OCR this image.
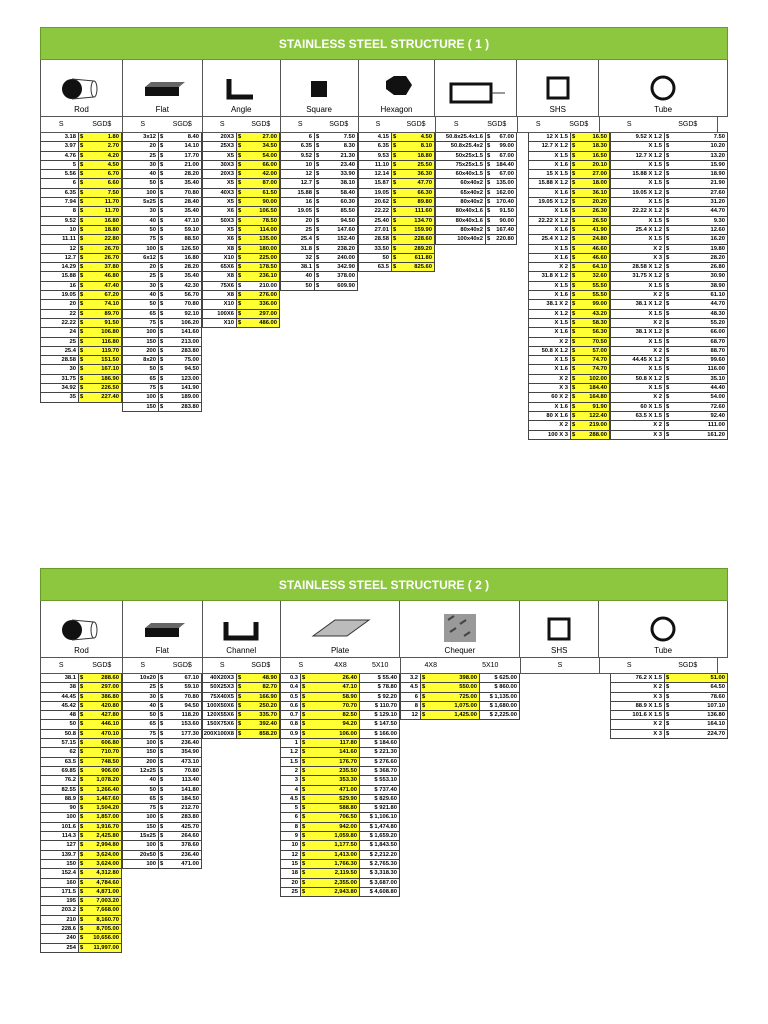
STAINLESS STEEL STRUCTURE ( 1 )
Rod	Flat	Angle	Square	Hexagon	SHS	Tube
S	SGD$	S	SGD$	S	SGD$	S	SGD$	S	SGD$	S	SGD$	S	SGD$	S	SGD$
3.18 $	1.80
3.97 $	2.70
4.76 $	4.20
5 $	4.50
5.56 $	6.70
6 $	6.60
6.35 $	7.50
7.94 $	11.70
8 $	11.70
9.52 $	16.80
10 $	18.80
11.11 $	22.80
12 $	26.70
12.7 $	26.70
14.29 $	37.80
15.88 $	46.80
16 $	47.40
19.05 $	67.20
20 $	74.10
22 $	89.70
22.22 $	91.50
24 $	106.80
25 $	116.80
25.4 $	119.70
28.58 $	151.50
30 $	167.10
31.75 $	186.90
34.92 $	226.50
35 $	227.40
3x12 $	8.40
20 $	14.10
25 $	17.70
30 $	21.00
40 $	28.20
50 $	35.40
100 $	70.80
5x25 $	28.40
30 $	35.40
40 $	47.10
50 $	59.10
75 $	88.50
100 $	126.50
6x12 $	16.80
20 $	28.20
25 $	35.40
30 $	42.30
40 $	56.70
50 $	70.80
65 $	92.10
75 $	106.20
100 $	141.60
150 $	213.00
200 $	283.80
8x20 $	75.00
50 $	94.50
65 $	123.00
75 $	141.90
100 $	189.00
150 $	283.80
20X3 $	27.00
25X3 $	34.50
X5 $	54.00
30X3 $	66.00
20X3 $	42.00
X5 $	87.00
40X3 $	61.50
X5 $	90.00
X6 $	106.50
50X3 $	78.50
X5 $	114.00
X6 $	135.00
X8 $	180.00
X10 $	225.00
65X6 $	178.50
X8 $	236.10
75X6 $	210.00
X8 $	276.00
X10 $	336.00
100X6 $	297.00
X10 $	486.00
6 $	7.50
6.35 $	8.30
9.52 $	21.30
10 $	23.40
12 $	33.90
12.7 $	38.10
15.88 $	58.40
16 $	60.30
19.05 $	85.50
20 $	94.50
25 $	147.60
25.4 $	152.40
31.8 $	238.20
32 $	240.00
38.1 $	342.90
40 $	378.00
50 $	609.90
4.15 $	4.50
6.35 $	8.10
9.53 $	18.80
11.10 $	25.50
12.14 $	36.30
15.87 $	47.70
19.05 $	66.30
20.62 $	89.80
22.22 $	111.60
25.40 $	134.70
27.01 $	159.90
28.58 $	228.60
33.50 $	289.20
50 $	611.80
63.5 $	825.60
50.8x25.4x1.6 $	67.00
50.8x25.4x2 $	99.00
50x25x1.5 $	67.00
75x25x1.5 $	184.40
60x40x1.5 $	67.00
60x40x2 $	135.00
65x40x2 $	162.00
80x40x2 $	170.40
80x40x1.6 $	91.50
80x40x1.6 $	90.00
80x40x2 $	167.40
100x40x2 $	220.80
12 X 1.5 $	16.50
12.7 X 1.2 $	18.30
X 1.5 $	16.50
X 1.6 $	20.10
15 X 1.5 $	27.00
15.88 X 1.2 $	18.00
X 1.6 $	36.10
19.05 X 1.2 $	20.20
X 1.6 $	26.30
22.22 X 1.2 $	26.50
X 1.6 $	41.90
25.4 X 1.2 $	24.80
X 1.5 $	46.60
X 1.6 $	46.60
X 2 $	64.10
31.8 X 1.2 $	32.60
X 1.5 $	55.50
X 1.6 $	55.50
38.1 X 2 $	99.00
X 1.2 $	43.20
X 1.5 $	58.30
X 1.6 $	56.30
X 2 $	70.50
50.8 X 1.2 $	57.00
X 1.5 $	74.70
X 1.6 $	74.70
X 2 $	102.00
X 3 $	184.40
60 X 2 $	164.80
X 1.6 $	91.90
80 X 1.6 $	122.40
X 2 $	219.00
100 X 3 $	288.00
9.52 X 1.2 $	7.50
X 1.5 $	10.20
12.7 X 1.2 $	13.20
X 1.5 $	15.90
15.88 X 1.2 $	18.90
X 1.5 $	21.90
19.05 X 1.2 $	27.60
X 1.5 $	31.20
22.22 X 1.2 $	44.70
X 1.5 $	9.30
25.4 X 1.2 $	12.60
X 1.5 $	16.20
X 2 $	19.80
X 3 $	28.20
28.58 X 1.2 $	26.80
31.75 X 1.2 $	30.90
X 1.5 $	38.90
X 2 $	61.10
38.1 X 1.2 $	44.70
X 1.5 $	48.30
X 2 $	55.20
38.1 X 1.2 $	66.00
X 1.5 $	68.70
X 2 $	88.70
44.45 X 1.2 $	99.60
X 1.5 $	116.00
50.8 X 1.2 $	35.10
X 1.5 $	44.40
X 2 $	54.00
60 X 1.5 $	72.60
63.5 X 1.5 $	92.40
X 2 $	111.00
X 3 $	161.20
STAINLESS STEEL STRUCTURE ( 2 )
Rod	Flat	Channel	Plate	Chequer	SHS	Tube
S	SGD$	S	SGD$	S	SGD$	S	4X8	5X10	4X8	5X10	S	S	SGD$
38.1 $	288.60
38 $	297.00
44.45 $	386.80
45.42 $	420.80
48 $	427.80
50 $	446.10
50.8 $	470.10
57.15 $	606.80
62 $	710.70
63.5 $	748.50
69.85 $	906.00
76.2 $	1,078.20
82.55 $	1,266.40
88.9 $	1,467.60
90 $	1,504.20
100 $	1,857.00
101.6 $	1,916.70
114.3 $	2,425.80
127 $	2,994.80
139.7 $	3,624.00
150 $	3,624.00
152.4 $	4,312.80
160 $	4,784.60
171.5 $	4,871.00
195 $	7,003.20
203.2 $	7,668.00
210 $	8,160.70
228.6 $	8,705.00
240 $	10,656.00
254 $	11,997.00
10x20 $	67.10
25 $	59.10
30 $	70.80
40 $	94.50
50 $	118.20
65 $	153.60
75 $	177.30
100 $	236.40
150 $	354.90
200 $	473.10
12x25 $	70.80
40 $	113.40
50 $	141.80
65 $	184.50
75 $	212.70
100 $	283.80
150 $	425.70
15x25 $	264.60
100 $	378.60
20x50 $	236.40
100 $	471.00
40X20X3 $	48.90
50X25X3 $	82.70
75X40X5 $	166.90
100X50X6 $	250.20
120X55X6 $	335.70
150X75X6 $	392.40
200X100X8 $	858.20
0.3 $	26.40	$ 55.40
0.4 $	47.10	$ 78.80
0.5 $	58.90	$ 92.20
0.6 $	70.70	$ 110.70
0.7 $	82.50	$ 129.10
0.8 $	94.20	$ 147.50
0.9 $	106.00	$ 166.00
1 $	117.80	$ 184.60
1.2 $	141.60	$ 221.30
1.5 $	176.70	$ 276.60
2 $	235.50	$ 368.70
3 $	353.30	$ 553.10
4 $	471.00	$ 737.40
4.5 $	529.90	$ 829.60
5 $	588.80	$ 921.80
6 $	706.50	$ 1,106.10
8 $	942.00	$ 1,474.80
9 $	1,059.80	$ 1,659.20
10 $	1,177.50	$ 1,843.50
12 $	1,413.00	$ 2,212.20
15 $	1,766.30	$ 2,765.30
18 $	2,119.50	$ 3,318.30
20 $	2,355.00	$ 3,687.00
25 $	2,943.80	$ 4,608.80
3.2 $	398.00	$ 625.00
4.5 $	550.00	$ 860.00
6 $	725.00	$ 1,135.00
8 $	1,075.00	$ 1,680.00
12 $	1,425.00	$ 2,225.00
76.2 X 1.5 $	51.00
X 2 $	64.50
X 3 $	78.60
88.9 X 1.5 $	107.10
101.6 X 1.5 $	136.80
X 2 $	164.10
X 3 $	224.70
